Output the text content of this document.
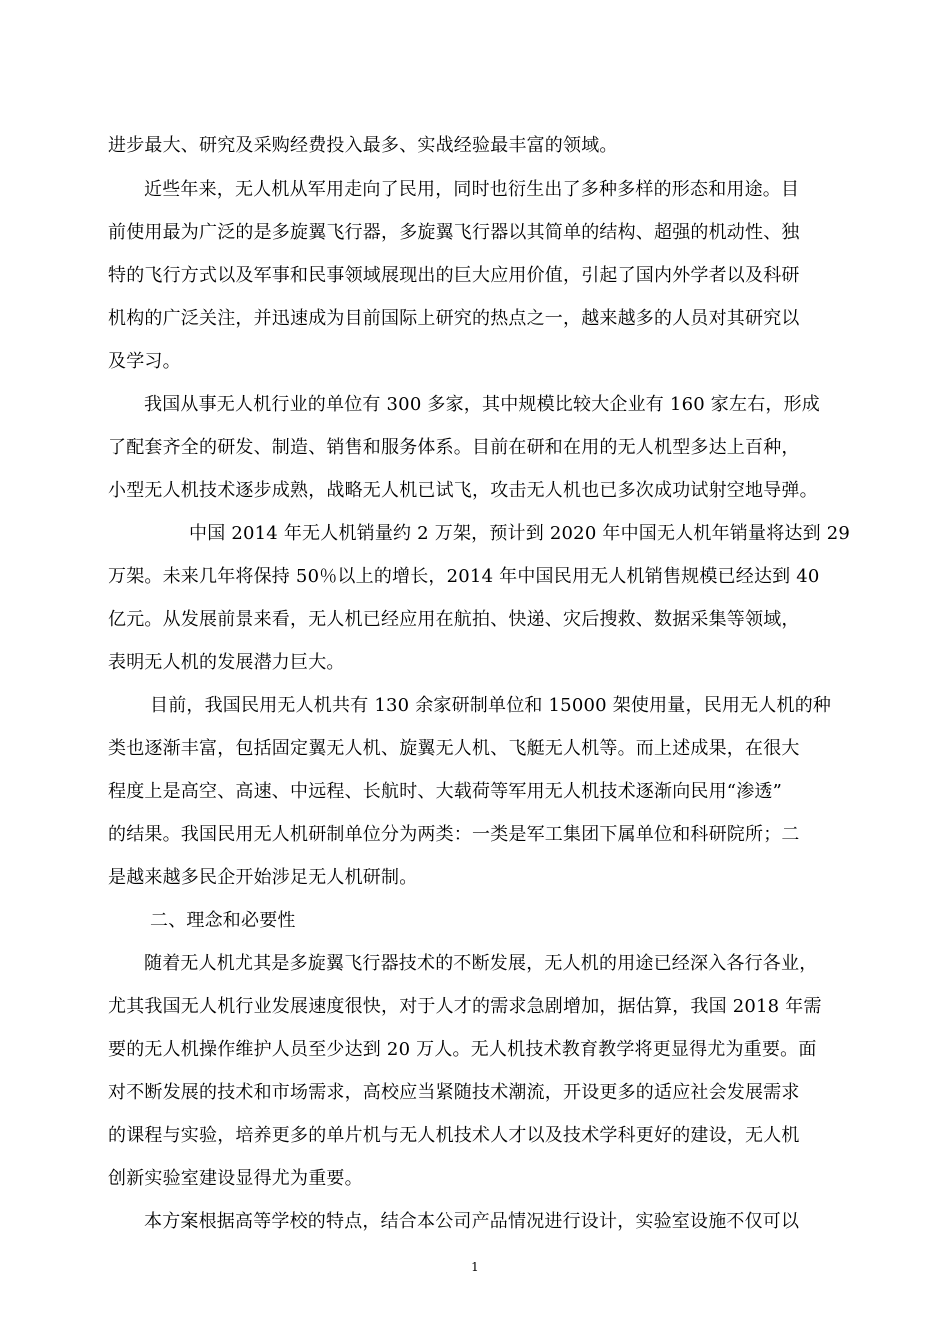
进步最大、研究及采购经费投入最多、实战经验最丰富的领域。
近些年来，无人机从军用走向了民用，同时也衍生出了多种多样的形态和用途。目
前使用最为广泛的是多旋翼飞行器，多旋翼飞行器以其简单的结构、超强的机动性、独
特的飞行方式以及军事和民事领域展现出的巨大应用价值，引起了国内外学者以及科研
机构的广泛关注，并迅速成为目前国际上研究的热点之一，越来越多的人员对其研究以
及学习。
我国从事无人机行业的单位有 300 多家，其中规模比较大企业有 160 家左右，形成
了配套齐全的研发、制造、销售和服务体系。目前在研和在用的无人机型多达上百种，
小型无人机技术逐步成熟，战略无人机已试飞，攻击无人机也已多次成功试射空地导弹。
中国 2014 年无人机销量约 2 万架，预计到 2020 年中国无人机年销量将达到 29
万架。未来几年将保持 50％以上的增长，2014 年中国民用无人机销售规模已经达到 40
亿元。从发展前景来看，无人机已经应用在航拍、快递、灾后搜救、数据采集等领域，
表明无人机的发展潜力巨大。
目前，我国民用无人机共有 130 余家研制单位和 15000 架使用量，民用无人机的种
类也逐渐丰富，包括固定翼无人机、旋翼无人机、飞艇无人机等。而上述成果，在很大
程度上是高空、高速、中远程、长航时、大载荷等军用无人机技术逐渐向民用“渗透”
的结果。我国民用无人机研制单位分为两类：一类是军工集团下属单位和科研院所；二
是越来越多民企开始涉足无人机研制。
二、理念和必要性
随着无人机尤其是多旋翼飞行器技术的不断发展，无人机的用途已经深入各行各业，
尤其我国无人机行业发展速度很快，对于人才的需求急剧增加，据估算，我国 2018 年需
要的无人机操作维护人员至少达到 20 万人。无人机技术教育教学将更显得尤为重要。面
对不断发展的技术和市场需求，高校应当紧随技术潮流，开设更多的适应社会发展需求
的课程与实验，培养更多的单片机与无人机技术人才以及技术学科更好的建设，无人机
创新实验室建设显得尤为重要。
本方案根据高等学校的特点，结合本公司产品情况进行设计，实验室设施不仅可以
1
